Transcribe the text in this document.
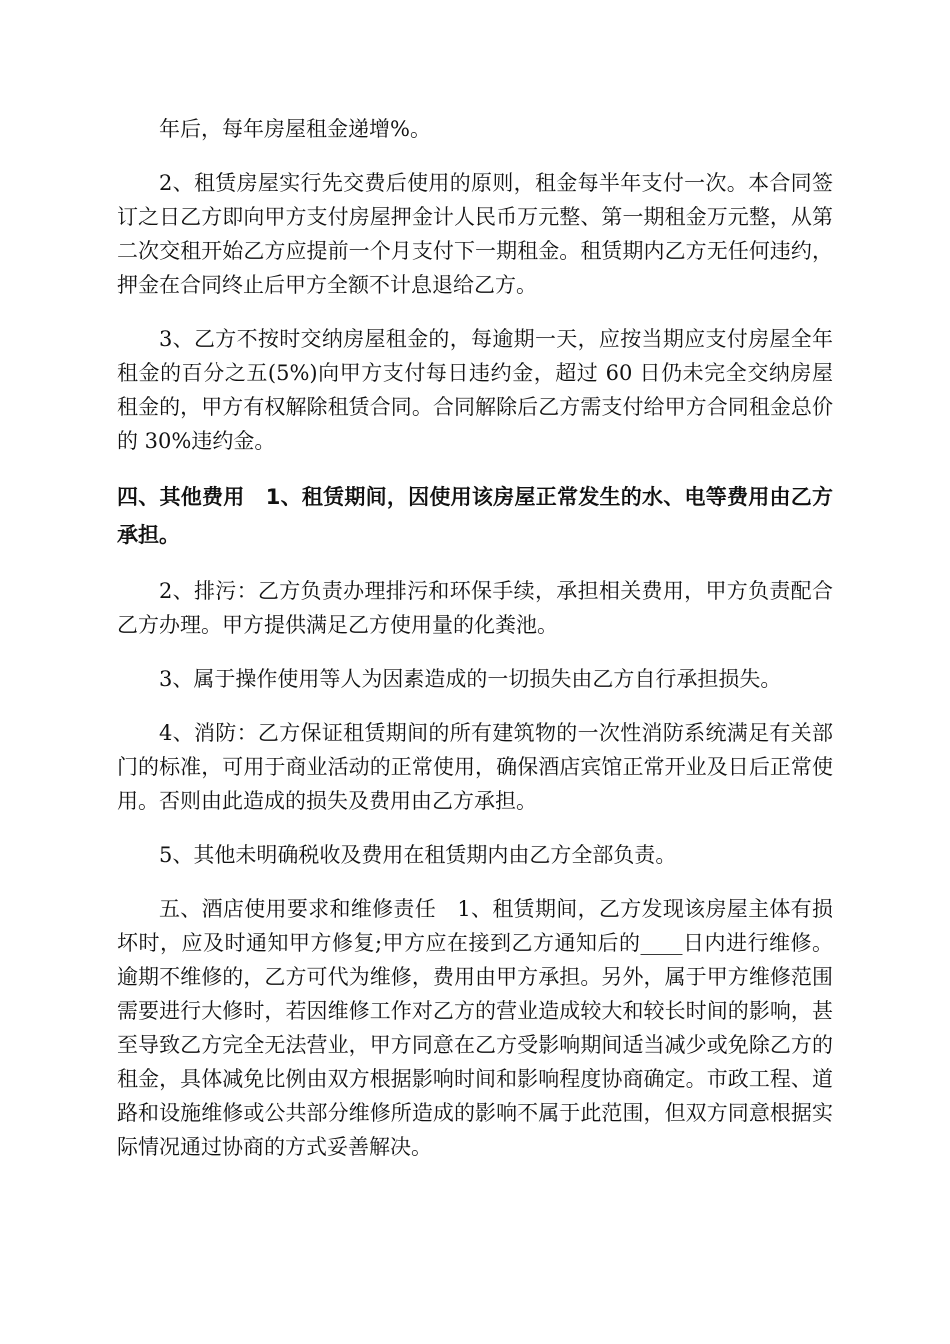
年后，每年房屋租金递增%。

2、租赁房屋实行先交费后使用的原则，租金每半年支付一次。本合同签订之日乙方即向甲方支付房屋押金计人民币万元整、第一期租金万元整，从第二次交租开始乙方应提前一个月支付下一期租金。租赁期内乙方无任何违约，押金在合同终止后甲方全额不计息退给乙方。

3、乙方不按时交纳房屋租金的，每逾期一天，应按当期应支付房屋全年租金的百分之五(5%)向甲方支付每日违约金，超过 60 日仍未完全交纳房屋租金的，甲方有权解除租赁合同。合同解除后乙方需支付给甲方合同租金总价的 30%违约金。

四、其他费用　1、租赁期间，因使用该房屋正常发生的水、电等费用由乙方承担。

2、排污：乙方负责办理排污和环保手续，承担相关费用，甲方负责配合乙方办理。甲方提供满足乙方使用量的化粪池。

3、属于操作使用等人为因素造成的一切损失由乙方自行承担损失。

4、消防：乙方保证租赁期间的所有建筑物的一次性消防系统满足有关部门的标准，可用于商业活动的正常使用，确保酒店宾馆正常开业及日后正常使用。否则由此造成的损失及费用由乙方承担。

5、其他未明确税收及费用在租赁期内由乙方全部负责。

五、酒店使用要求和维修责任　1、租赁期间，乙方发现该房屋主体有损坏时，应及时通知甲方修复;甲方应在接到乙方通知后的____日内进行维修。逾期不维修的，乙方可代为维修，费用由甲方承担。另外，属于甲方维修范围需要进行大修时，若因维修工作对乙方的营业造成较大和较长时间的影响，甚至导致乙方完全无法营业，甲方同意在乙方受影响期间适当减少或免除乙方的租金，具体减免比例由双方根据影响时间和影响程度协商确定。市政工程、道路和设施维修或公共部分维修所造成的影响不属于此范围，但双方同意根据实际情况通过协商的方式妥善解决。
